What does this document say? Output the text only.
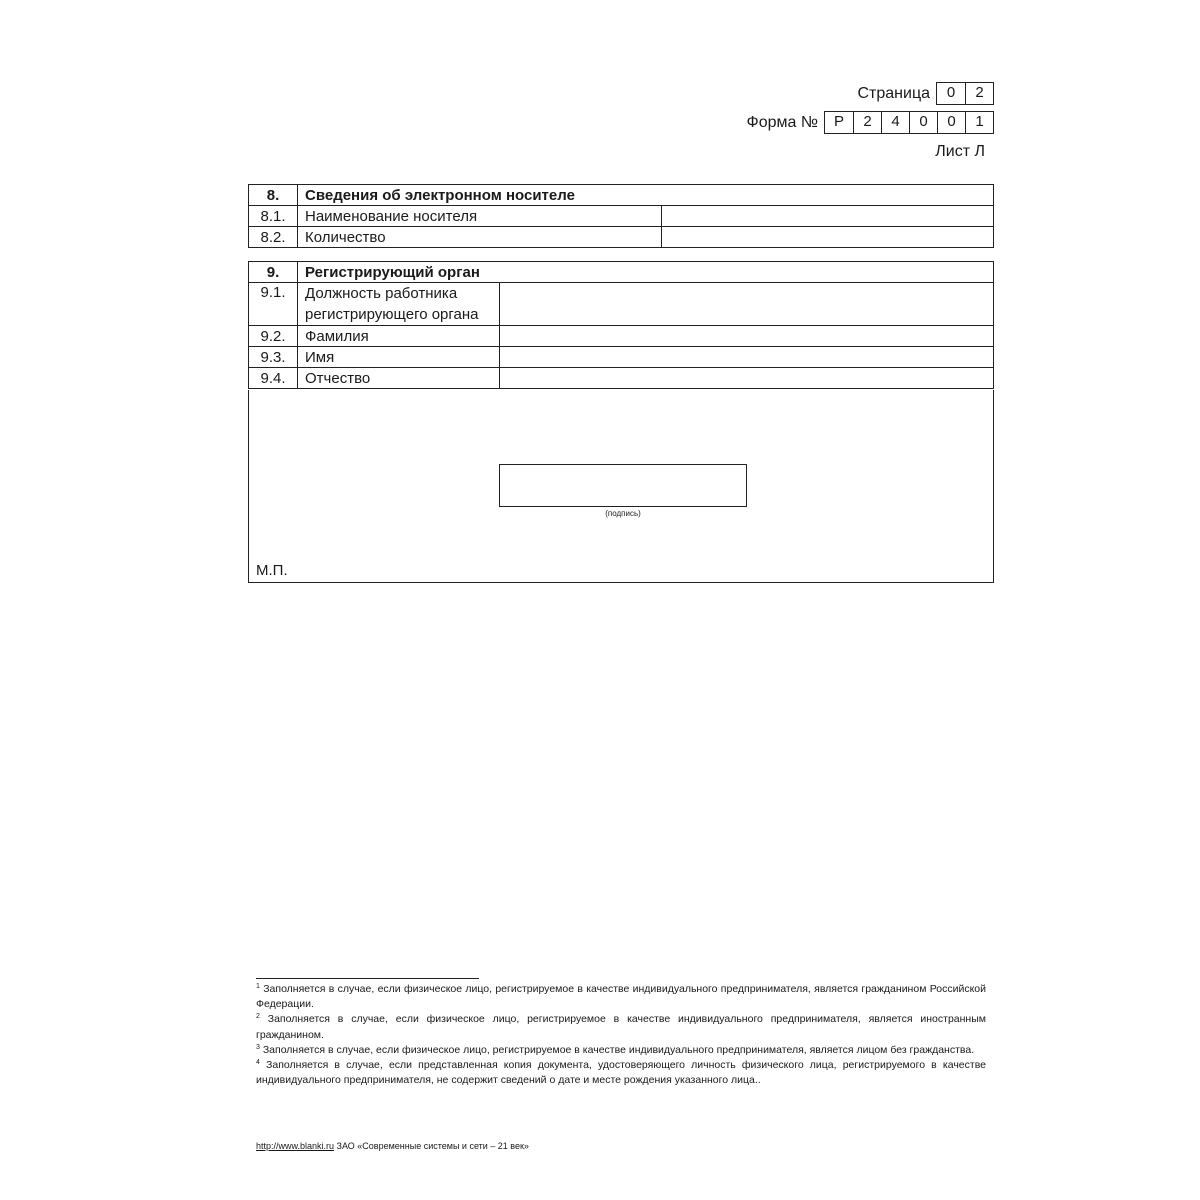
Страница	0	2
Форма №	Р	2	4	0	0	1
Лист Л
8.	Сведения об электронном носителе	
8.1.	Наименование носителя	
8.2.	Количество	
9.	Регистрирующий орган	
9.1.	Должность работника регистрирующего органа	
9.2.	Фамилия	
9.3.	Имя	
9.4.	Отчество	
(подпись)
М.П.

$^1$ Заполняется в случае, если физическое лицо, регистрируемое в качестве индивидуального предпринимателя, является гражданином Российской Федерации.

$^2$ Заполняется в случае, если физическое лицо, регистрируемое в качестве индивидуального предпринимателя, является иностранным гражданином.

$^3$ Заполняется в случае, если физическое лицо, регистрируемое в качестве индивидуального предпринимателя, является лицом без гражданства.

$^4$ Заполняется в случае, если представленная копия документа, удостоверяющего личность физического лица, регистрируемого в качестве индивидуального предпринимателя, не содержит сведений о дате и месте рождения указанного лица..

http://www.blanki.ru ЗАО «Современные системы и сети – 21 век»
